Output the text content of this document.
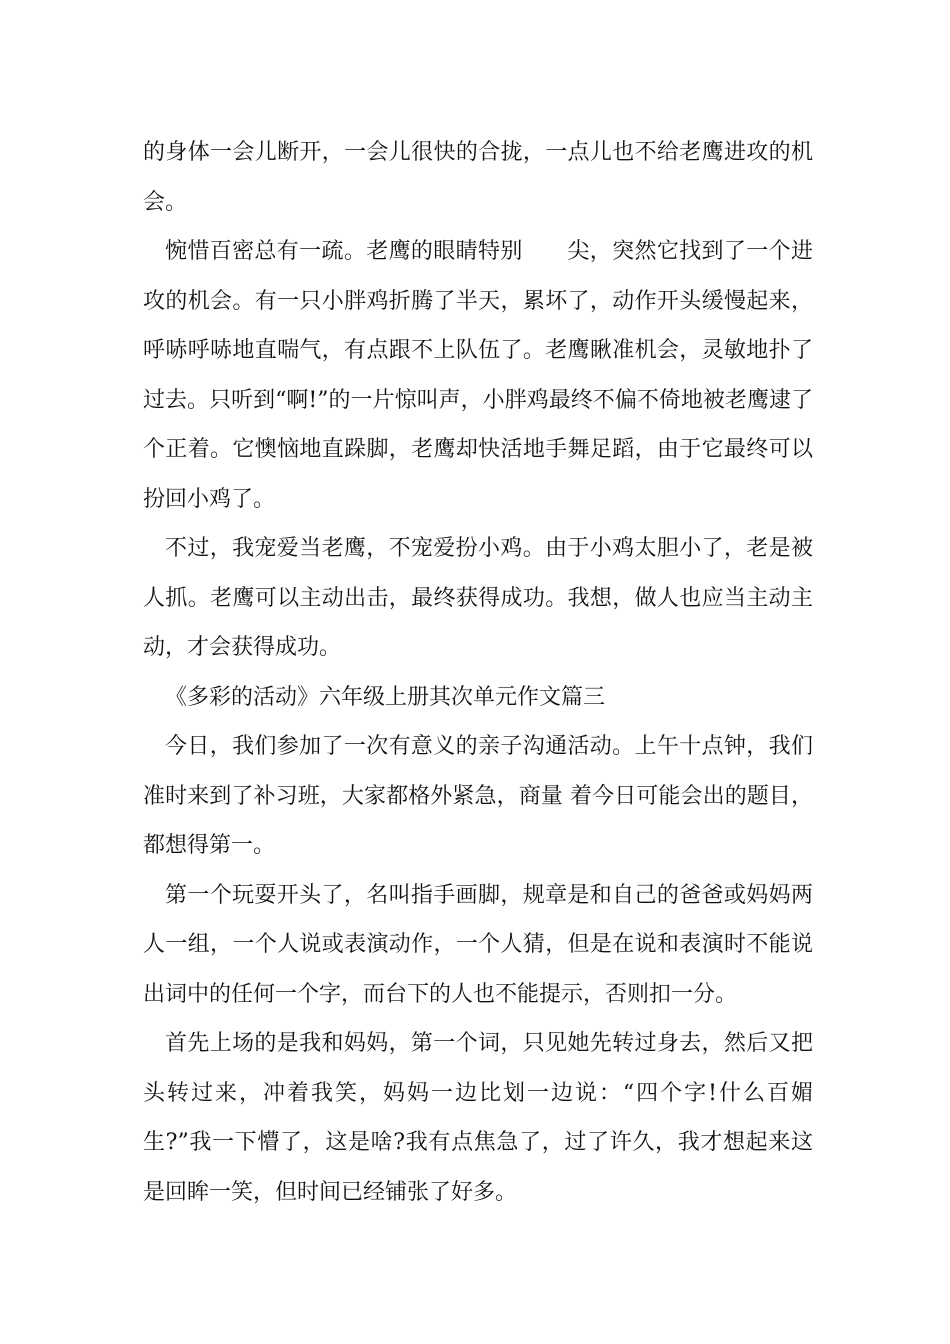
的身体一会儿断开，一会儿很快的合拢，一点儿也不给老鹰进攻的机会。

惋惜百密总有一疏。老鹰的眼睛特别　　尖，突然它找到了一个进攻的机会。有一只小胖鸡折腾了半天，累坏了，动作开头缓慢起来，呼哧呼哧地直喘气，有点跟不上队伍了。老鹰瞅准机会，灵敏地扑了过去。只听到“啊!”的一片惊叫声，小胖鸡最终不偏不倚地被老鹰逮了个正着。它懊恼地直跺脚，老鹰却快活地手舞足蹈，由于它最终可以扮回小鸡了。

不过，我宠爱当老鹰，不宠爱扮小鸡。由于小鸡太胆小了，老是被人抓。老鹰可以主动出击，最终获得成功。我想，做人也应当主动主动，才会获得成功。

《多彩的活动》六年级上册其次单元作文篇三

今日，我们参加了一次有意义的亲子沟通活动。上午十点钟，我们准时来到了补习班，大家都格外紧急，商量 着今日可能会出的题目，都想得第一。

第一个玩耍开头了，名叫指手画脚，规章是和自己的爸爸或妈妈两人一组，一个人说或表演动作，一个人猜，但是在说和表演时不能说出词中的任何一个字，而台下的人也不能提示，否则扣一分。

首先上场的是我和妈妈，第一个词，只见她先转过身去，然后又把头转过来，冲着我笑，妈妈一边比划一边说：“四个字!什么百媚生?”我一下懵了，这是啥?我有点焦急了，过了许久，我才想起来这是回眸一笑，但时间已经铺张了好多。
